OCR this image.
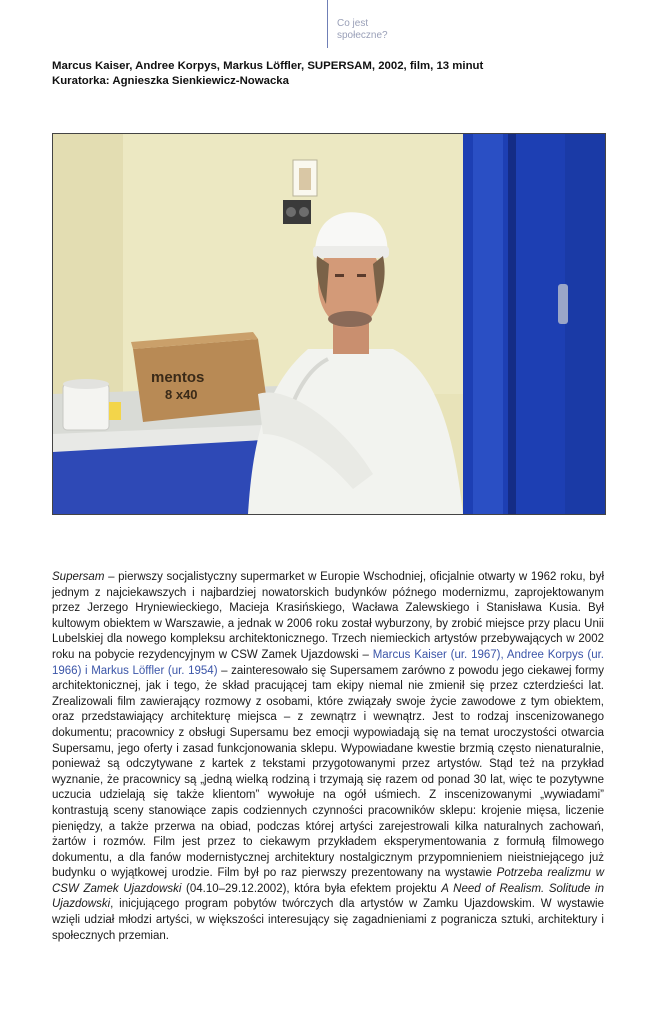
Co jest
społeczne?
Marcus Kaiser, Andree Korpys, Markus Löffler, SUPERSAM, 2002, film, 13 minut
Kuratorka: Agnieszka Sienkiewicz-Nowacka
mentos
8 x40
Supersam – pierwszy socjalistyczny supermarket w Europie Wschodniej, oficjalnie otwarty w 1962 roku, był jednym z najciekawszych i najbardziej nowatorskich budynków późnego modernizmu, zaprojektowanym przez Jerzego Hryniewieckiego, Macieja Krasińskiego, Wacława Zalewskiego i Stanisława Kusia. Był kultowym obiektem w Warszawie, a jednak w 2006 roku został wyburzony, by zrobić miejsce przy placu Unii Lubelskiej dla nowego kompleksu architektonicznego. Trzech niemieckich artystów przebywających w 2002 roku na pobycie rezydencyjnym w CSW Zamek Ujazdowski – Marcus Kaiser (ur. 1967), Andree Korpys (ur. 1966) i Markus Löffler (ur. 1954) – zainteresowało się Supersamem zarówno z powodu jego ciekawej formy architektonicznej, jak i tego, że skład pracującej tam ekipy niemal nie zmienił się przez czterdzieści lat. Zrealizowali film zawierający rozmowy z osobami, które związały swoje życie zawodowe z tym obiektem, oraz przedstawiający architekturę miejsca – z zewnątrz i wewnątrz. Jest to rodzaj inscenizowanego dokumentu; pracownicy z obsługi Supersamu bez emocji wypowiadają się na temat uroczystości otwarcia Supersamu, jego oferty i zasad funkcjonowania sklepu. Wypowiadane kwestie brzmią często nienaturalnie, ponieważ są odczytywane z kartek z tekstami przygotowanymi przez artystów. Stąd też na przykład wyznanie, że pracownicy są „jedną wielką rodziną i trzymają się razem od ponad 30 lat, więc te pozytywne uczucia udzielają się także klientom” wywołuje na ogół uśmiech. Z inscenizowanymi „wywiadami” kontrastują sceny stanowiące zapis codziennych czynności pracowników sklepu: krojenie mięsa, liczenie pieniędzy, a także przerwa na obiad, podczas której artyści zarejestrowali kilka naturalnych zachowań, żartów i rozmów. Film jest przez to ciekawym przykładem eksperymentowania z formułą filmowego dokumentu, a dla fanów modernistycznej architektury nostalgicznym przypomnieniem nieistniejącego już budynku o wyjątkowej urodzie. Film był po raz pierwszy prezentowany na wystawie Potrzeba realizmu w CSW Zamek Ujazdowski (04.10–29.12.2002), która była efektem projektu A Need of Realism. Solitude in Ujazdowski, inicjującego program pobytów twórczych dla artystów w Zamku Ujazdowskim. W wystawie wzięli udział młodzi artyści, w większości interesujący się zagadnieniami z pogranicza sztuki, architektury i społecznych przemian.
